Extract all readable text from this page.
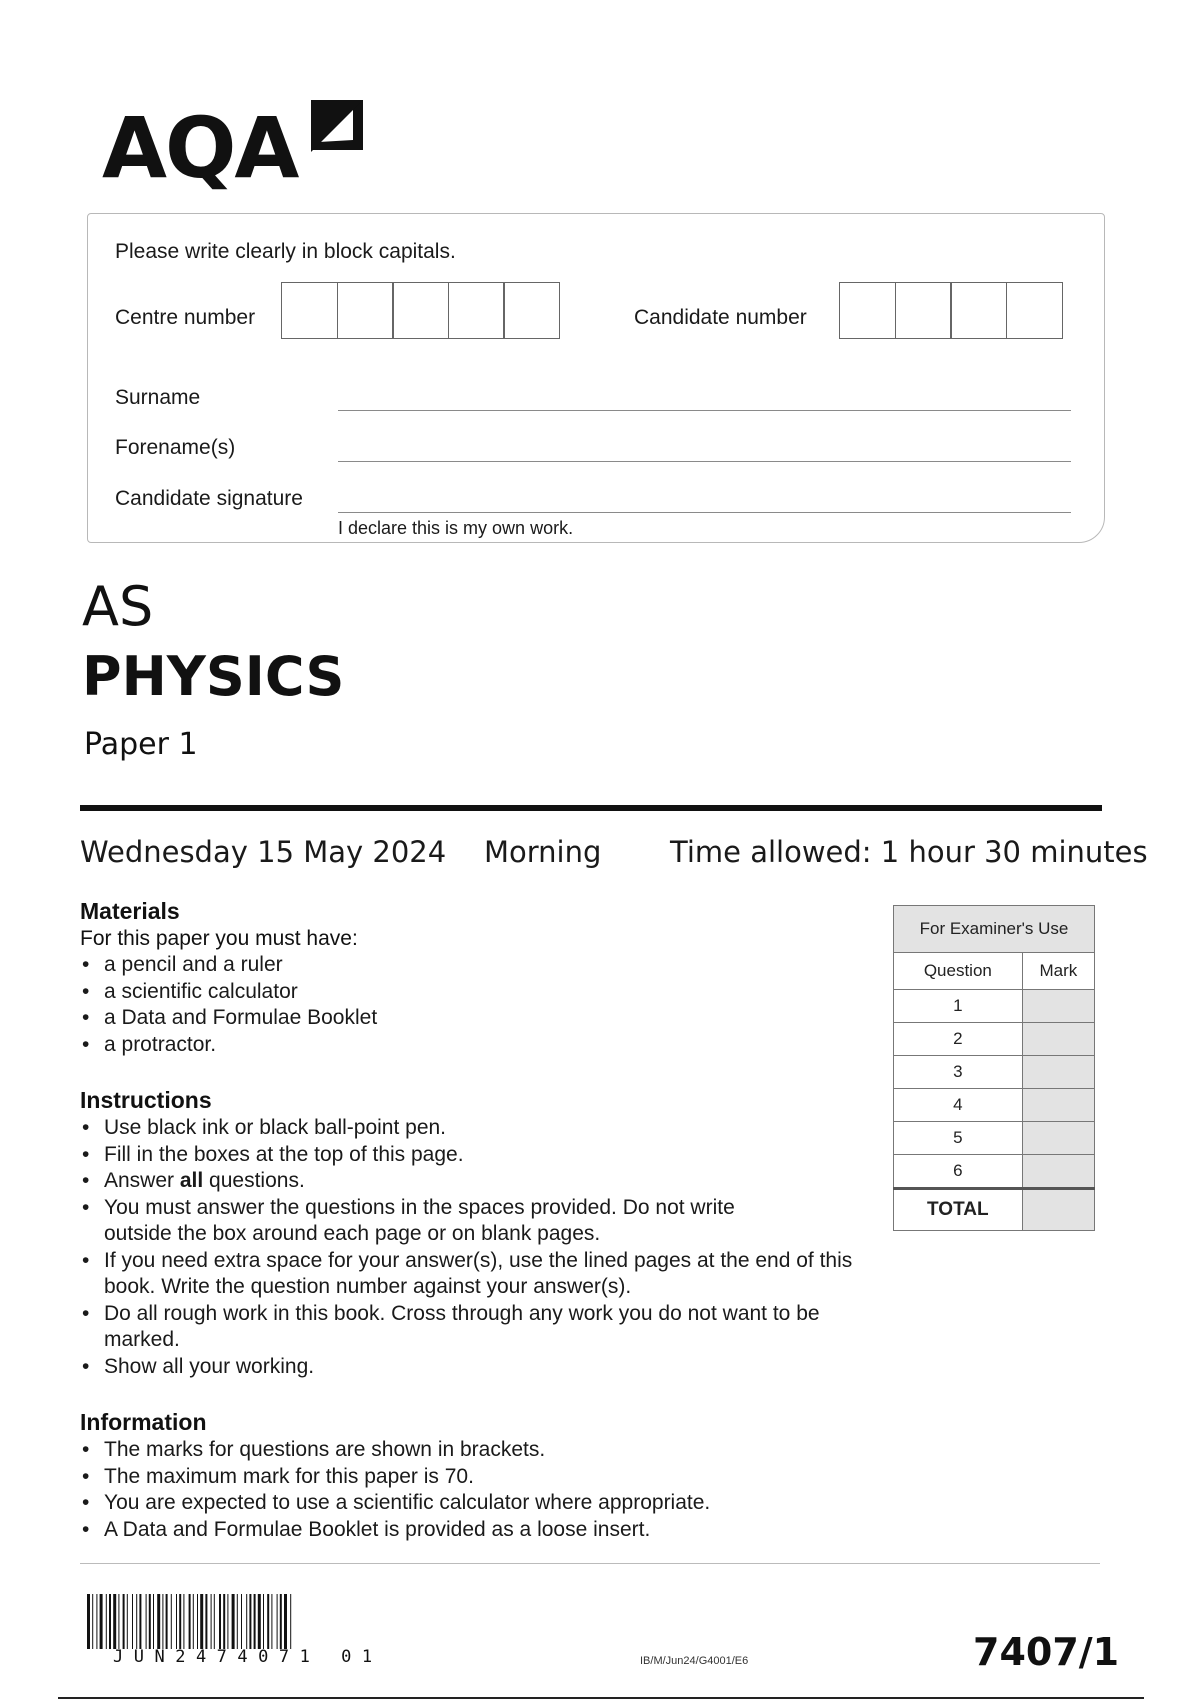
AQA
Please write clearly in block capitals.
Centre number	Candidate number
Surname
Forename(s)
Candidate signature
I declare this is my own work.
AS
PHYSICS
Paper 1
Wednesday 15 May 2024 Morning Time allowed: 1 hour 30 minutes
Materials
For this paper you must have:
• a pencil and a ruler
• a scientific calculator
• a Data and Formulae Booklet
• a protractor.
Instructions
• Use black ink or black ball-point pen.
• Fill in the boxes at the top of this page.
• Answer all questions.
• You must answer the questions in the spaces provided. Do not write outside the box around each page or on blank pages.
• If you need extra space for your answer(s), use the lined pages at the end of this book. Write the question number against your answer(s).
• Do all rough work in this book. Cross through any work you do not want to be marked.
• Show all your working.
Information
• The marks for questions are shown in brackets.
• The maximum mark for this paper is 70.
• You are expected to use a scientific calculator where appropriate.
• A Data and Formulae Booklet is provided as a loose insert.
For Examiner's Use	
Question	Mark
1	
2	
3	
4	
5	
6	
TOTAL	
JUN2474071 01	IB/M/Jun24/G4001/E6	7407/1
